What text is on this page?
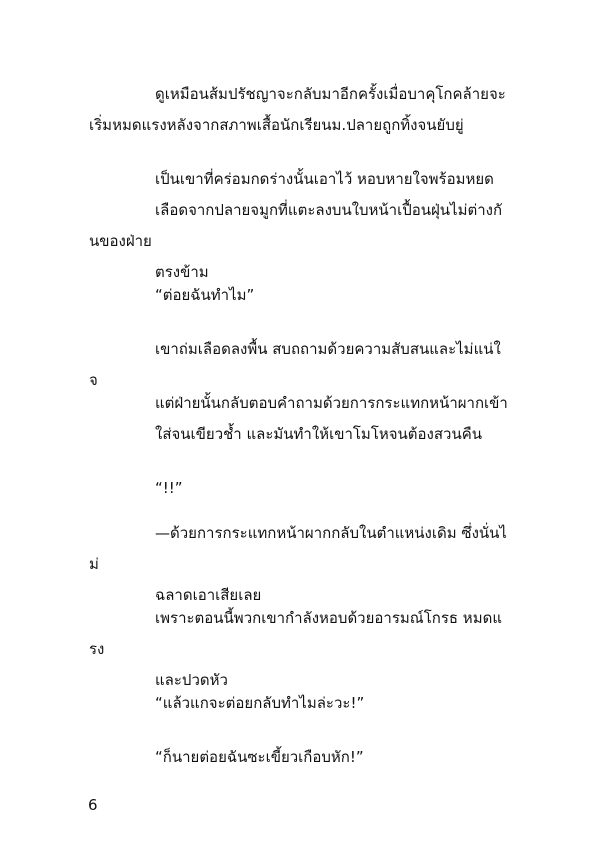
ดูเหมือนส้มปรัชญาจะกลับมาอีกครั้งเมื่อบาคุโกคล้ายจะ
เริ่มหมดแรงหลังจากสภาพเสื้อนักเรียนม.ปลายถูกทิ้งจนยับยู่

เป็นเขาที่คร่อมกดร่างนั้นเอาไว้ หอบหายใจพร้อมหยด
เลือดจากปลายจมูกที่แตะลงบนใบหน้าเปื้อนฝุ่นไม่ต่างกันของฝ่าย
ตรงข้าม

“ต่อยฉันทำไม”

เขาถ่มเลือดลงพื้น สบถถามด้วยความสับสนและไม่แน่ใจ

แต่ฝ่ายนั้นกลับตอบคำถามด้วยการกระแทกหน้าผากเข้า
ใส่จนเขียวช้ำ และมันทำให้เขาโมโหจนต้องสวนคืน

“!!”

—ด้วยการกระแทกหน้าผากกลับในตำแหน่งเดิม ซึ่งนั่นไม่
ฉลาดเอาเสียเลย

เพราะตอนนี้พวกเขากำลังหอบด้วยอารมณ์โกรธ หมดแรง
และปวดหัว

“แล้วแกจะต่อยกลับทำไมล่ะวะ!”

“ก็นายต่อยฉันซะเขี้ยวเกือบหัก!”

6
